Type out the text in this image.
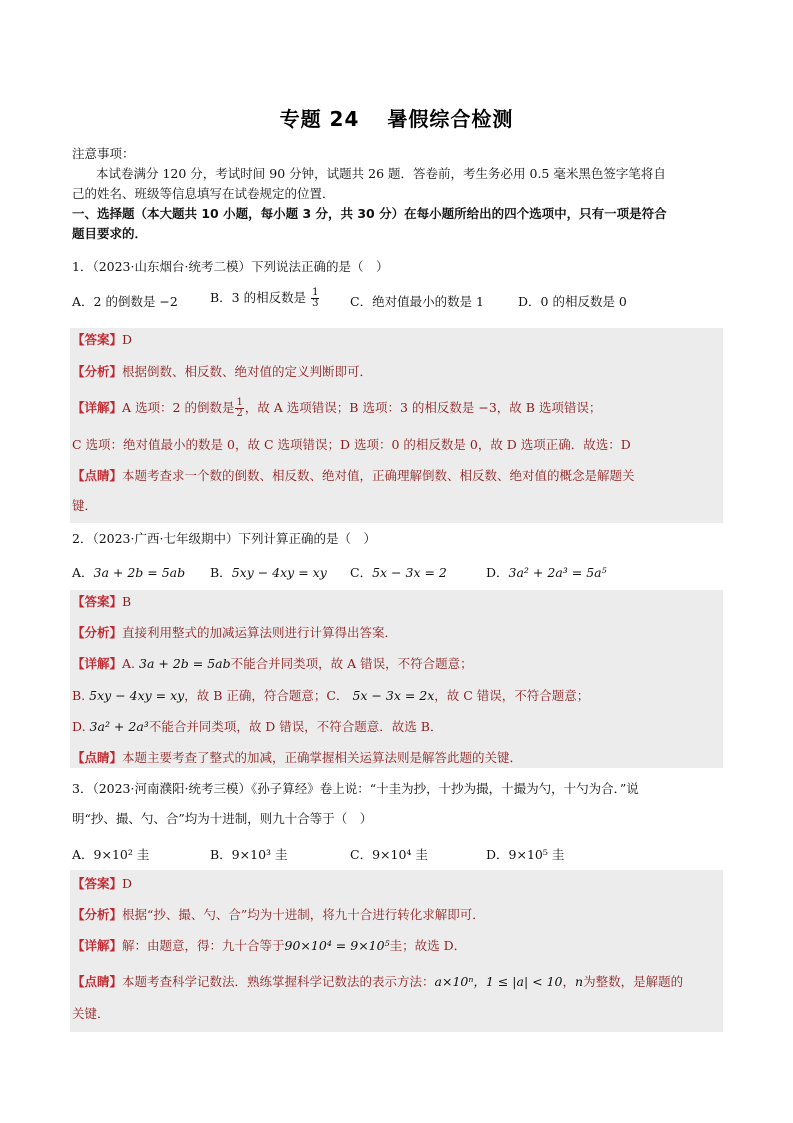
专题 24 暑假综合检测
注意事项：
本试卷满分 120 分，考试时间 90 分钟，试题共 26 题．答卷前，考生务必用 0.5 毫米黑色签字笔将自
己的姓名、班级等信息填写在试卷规定的位置．
一、选择题（本大题共 10 小题，每小题 3 分，共 30 分）在每小题所给出的四个选项中，只有一项是符合
题目要求的．
1．（2023·山东烟台·统考二模）下列说法正确的是（　）
A．2 的倒数是 −2	B．3 的相反数是 $\frac{1}{3}$ C．绝对值最小的数是 1	D．0 的相反数是 0
【答案】D
【分析】根据倒数、相反数、绝对值的定义判断即可．
【详解】A 选项：2 的倒数是 $\frac{1}{2}$ ，故 A 选项错误；B 选项：3 的相反数是 −3，故 B 选项错误；
C 选项：绝对值最小的数是 0，故 C 选项错误；D 选项：0 的相反数是 0，故 D 选项正确．故选：D
【点睛】本题考查求一个数的倒数、相反数、绝对值，正确理解倒数、相反数、绝对值的概念是解题关
键．
2．（2023·广西·七年级期中）下列计算正确的是（　）
A．3a + 2b = 5ab B．5xy − 4xy = xy C．5x − 3x = 2	D．3a² + 2a³ = 5a⁵
【答案】B
【分析】直接利用整式的加减运算法则进行计算得出答案．
【详解】A. 3a + 2b = 5ab不能合并同类项，故 A 错误，不符合题意；
B. 5xy − 4xy = xy，故 B 正确，符合题意；C． 5x − 3x = 2x，故 C 错误，不符合题意；
D. 3a² + 2a³不能合并同类项，故 D 错误，不符合题意．故选 B．
【点睛】本题主要考查了整式的加减，正确掌握相关运算法则是解答此题的关键．
3．（2023·河南濮阳·统考三模）《孙子算经》卷上说：“十圭为抄，十抄为撮，十撮为勺，十勺为合．”说
明“抄、撮、勺、合”均为十进制，则九十合等于（　）
A．9×10² 圭	B．9×10³ 圭	C．9×10⁴ 圭	D．9×10⁵ 圭
【答案】D
【分析】根据“抄、撮、勺、合”均为十进制，将九十合进行转化求解即可．
【详解】解：由题意，得：九十合等于90×10⁴ = 9×10⁵圭；故选 D．
【点睛】本题考查科学记数法．熟练掌握科学记数法的表示方法：a×10ⁿ，1 ≤ |a| < 10，n为整数，是解题的
关键．
